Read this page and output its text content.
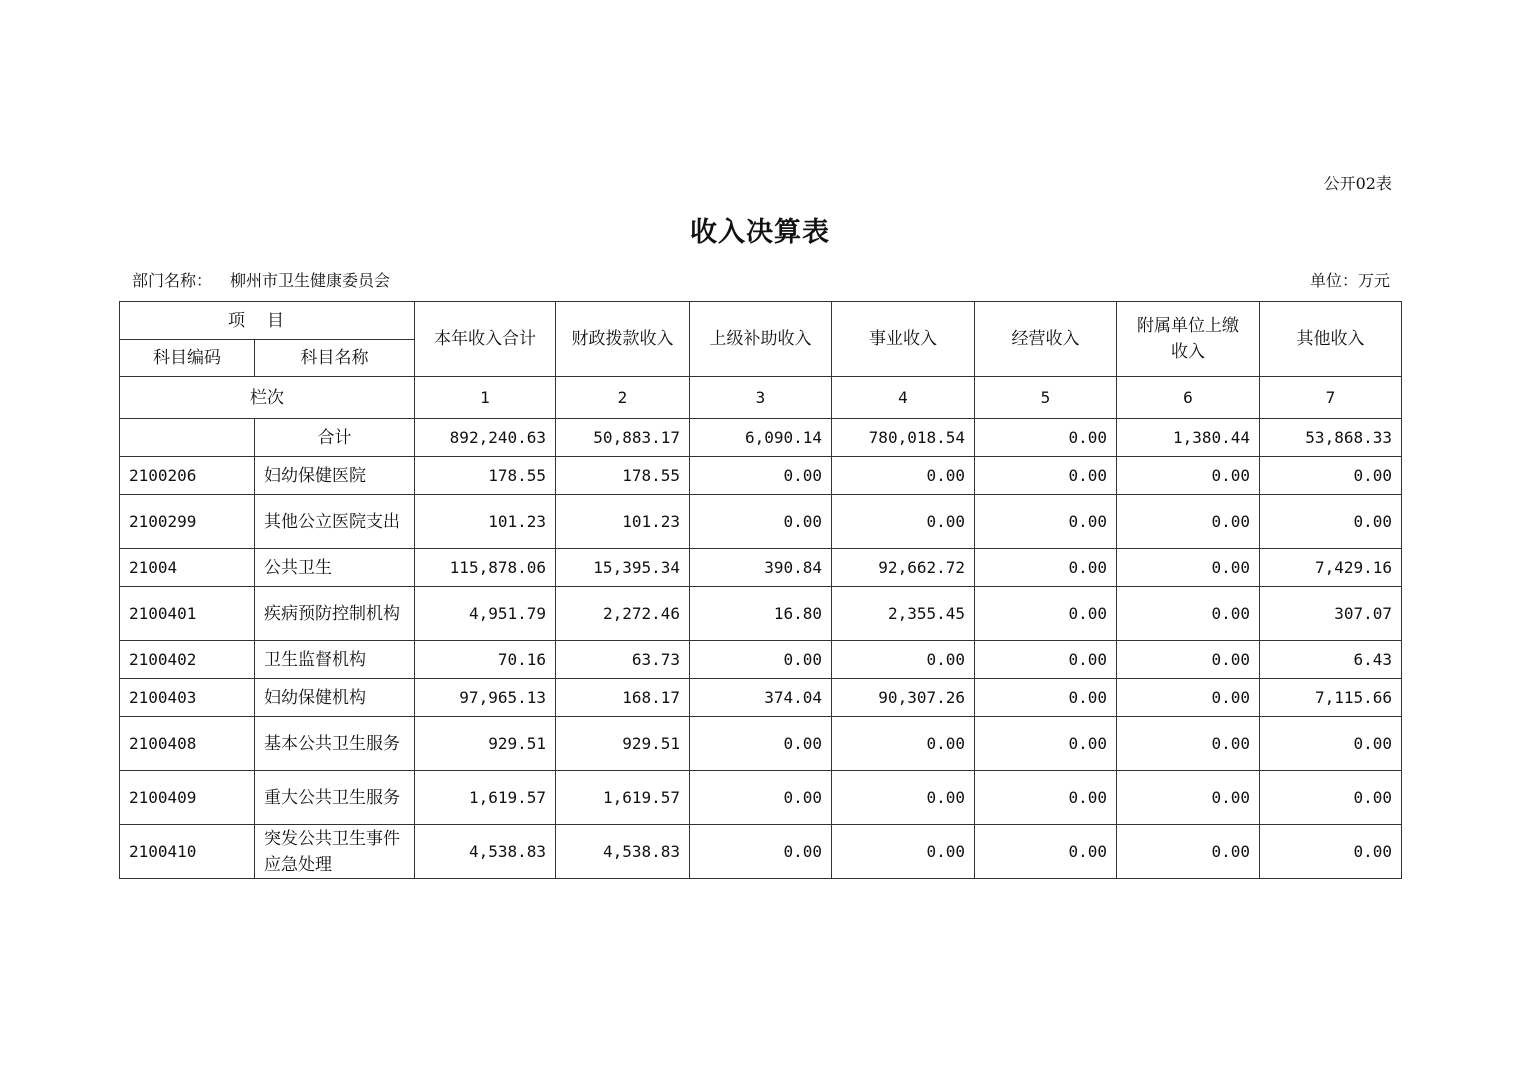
公开02表
收入决算表
部门名称： 柳州市卫生健康委员会	单位：万元
项目		本年收入合计	财政拨款收入	上级补助收入	事业收入	经营收入	附属单位上缴收入	其他收入
科目编码	科目名称							
栏次		1	2	3	4	5	6	7
	合计	892,240.63	50,883.17	6,090.14	780,018.54	0.00	1,380.44	53,868.33
2100206	妇幼保健医院	178.55	178.55	0.00	0.00	0.00	0.00	0.00
2100299	其他公立医院支出	101.23	101.23	0.00	0.00	0.00	0.00	0.00
21004	公共卫生	115,878.06	15,395.34	390.84	92,662.72	0.00	0.00	7,429.16
2100401	疾病预防控制机构	4,951.79	2,272.46	16.80	2,355.45	0.00	0.00	307.07
2100402	卫生监督机构	70.16	63.73	0.00	0.00	0.00	0.00	6.43
2100403	妇幼保健机构	97,965.13	168.17	374.04	90,307.26	0.00	0.00	7,115.66
2100408	基本公共卫生服务	929.51	929.51	0.00	0.00	0.00	0.00	0.00
2100409	重大公共卫生服务	1,619.57	1,619.57	0.00	0.00	0.00	0.00	0.00
2100410	突发公共卫生事件应急处理	4,538.83	4,538.83	0.00	0.00	0.00	0.00	0.00
